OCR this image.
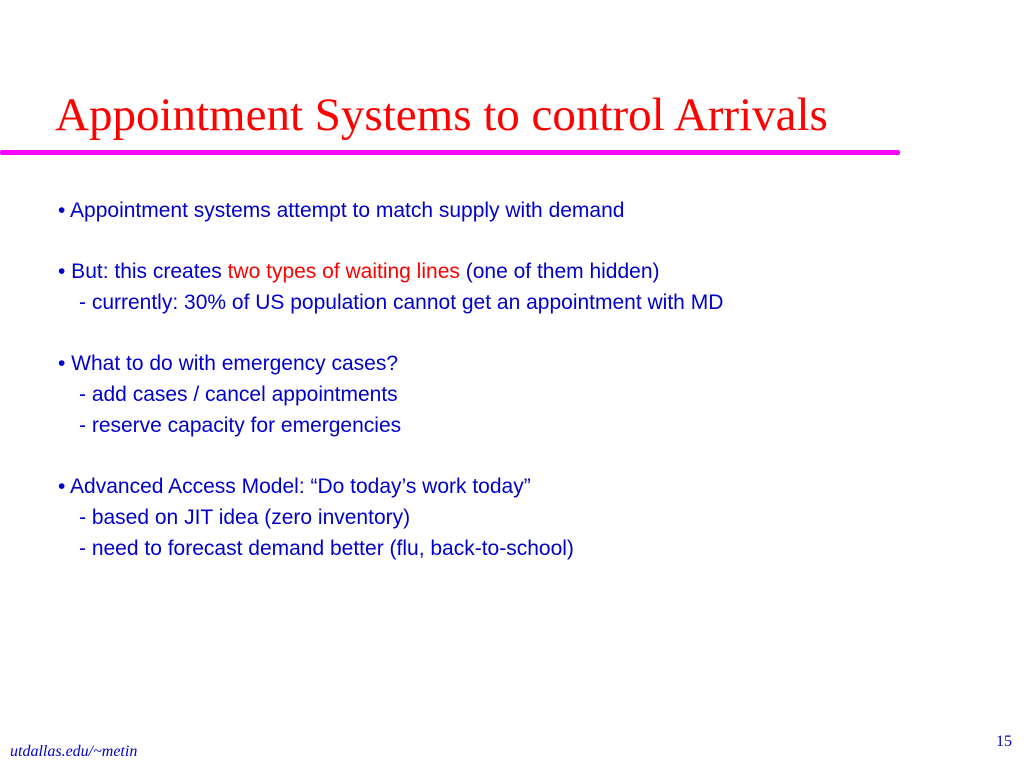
Appointment Systems to control Arrivals
• Appointment systems attempt to match supply with demand
• But: this creates two types of waiting lines (one of them hidden)
- currently: 30% of US population cannot get an appointment with MD
• What to do with emergency cases?
- add cases / cancel appointments
- reserve capacity for emergencies
• Advanced Access Model: “Do today’s work today”
- based on JIT idea (zero inventory)
- need to forecast demand better (flu, back-to-school)
utdallas.edu/~metin
15
